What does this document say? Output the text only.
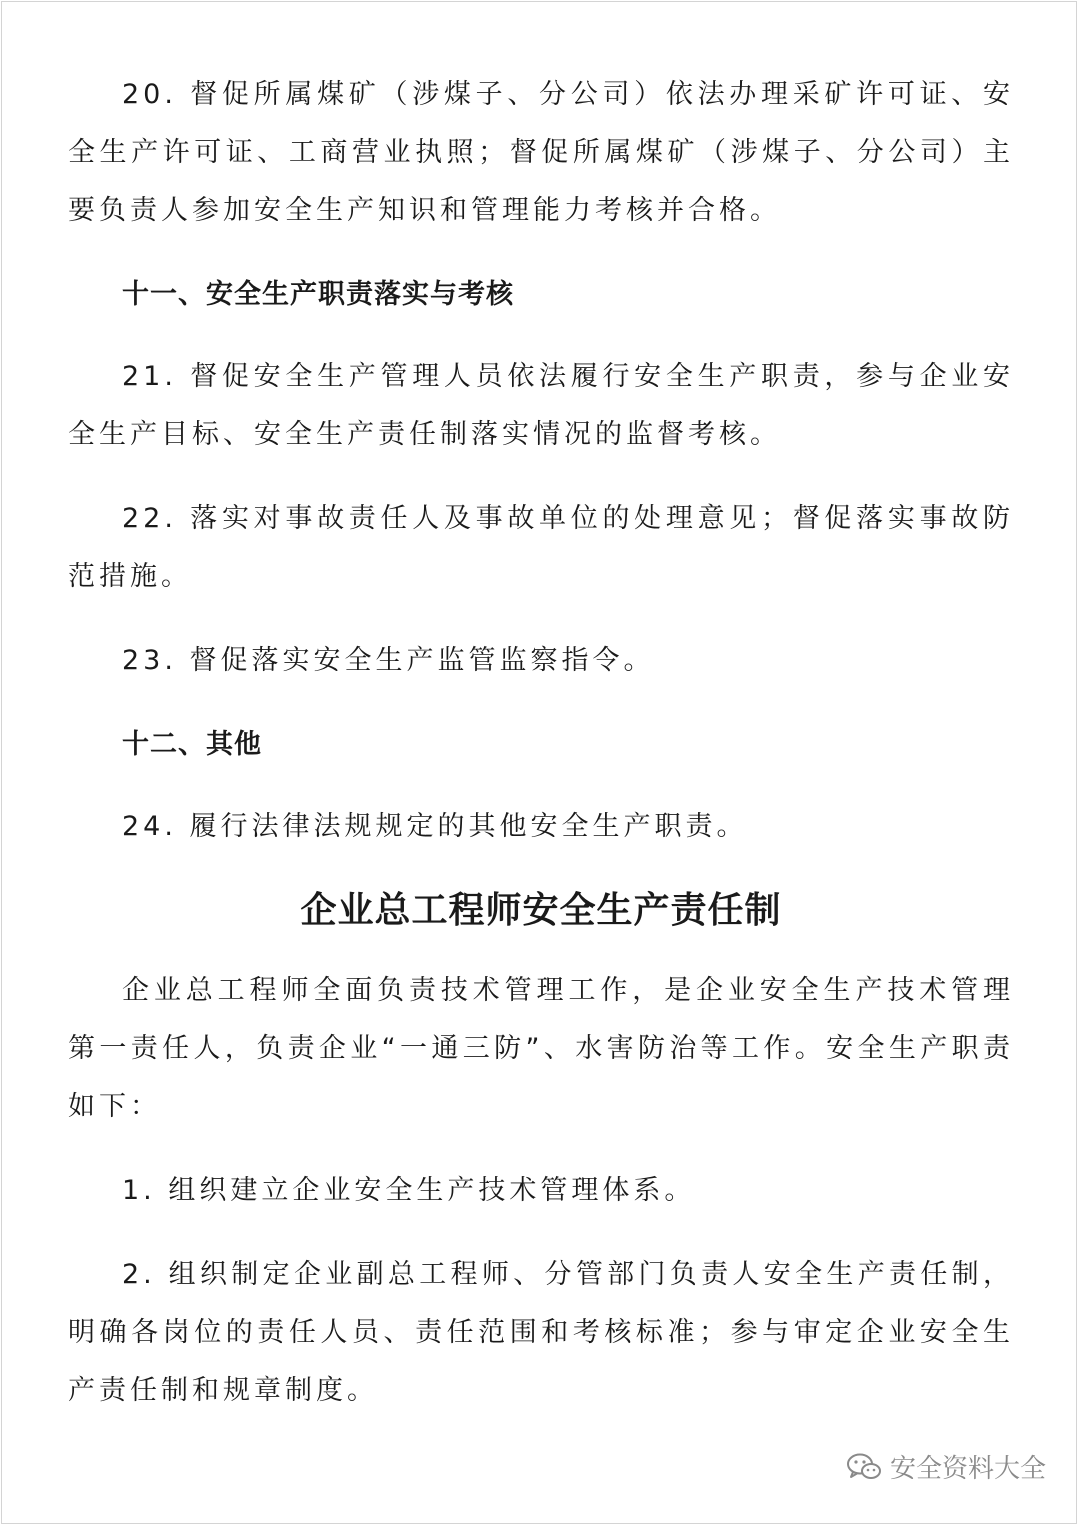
20. 督促所属煤矿（涉煤子、分公司）依法办理采矿许可证、安全生产许可证、工商营业执照；督促所属煤矿（涉煤子、分公司）主要负责人参加安全生产知识和管理能力考核并合格。

十一、安全生产职责落实与考核

21. 督促安全生产管理人员依法履行安全生产职责，参与企业安全生产目标、安全生产责任制落实情况的监督考核。

22. 落实对事故责任人及事故单位的处理意见；督促落实事故防范措施。

23. 督促落实安全生产监管监察指令。

十二、其他

24. 履行法律法规规定的其他安全生产职责。

企业总工程师安全生产责任制

企业总工程师全面负责技术管理工作，是企业安全生产技术管理第一责任人，负责企业“一通三防”、水害防治等工作。安全生产职责如下：

1. 组织建立企业安全生产技术管理体系。

2. 组织制定企业副总工程师、分管部门负责人安全生产责任制，明确各岗位的责任人员、责任范围和考核标准；参与审定企业安全生产责任制和规章制度。

安全资料大全
